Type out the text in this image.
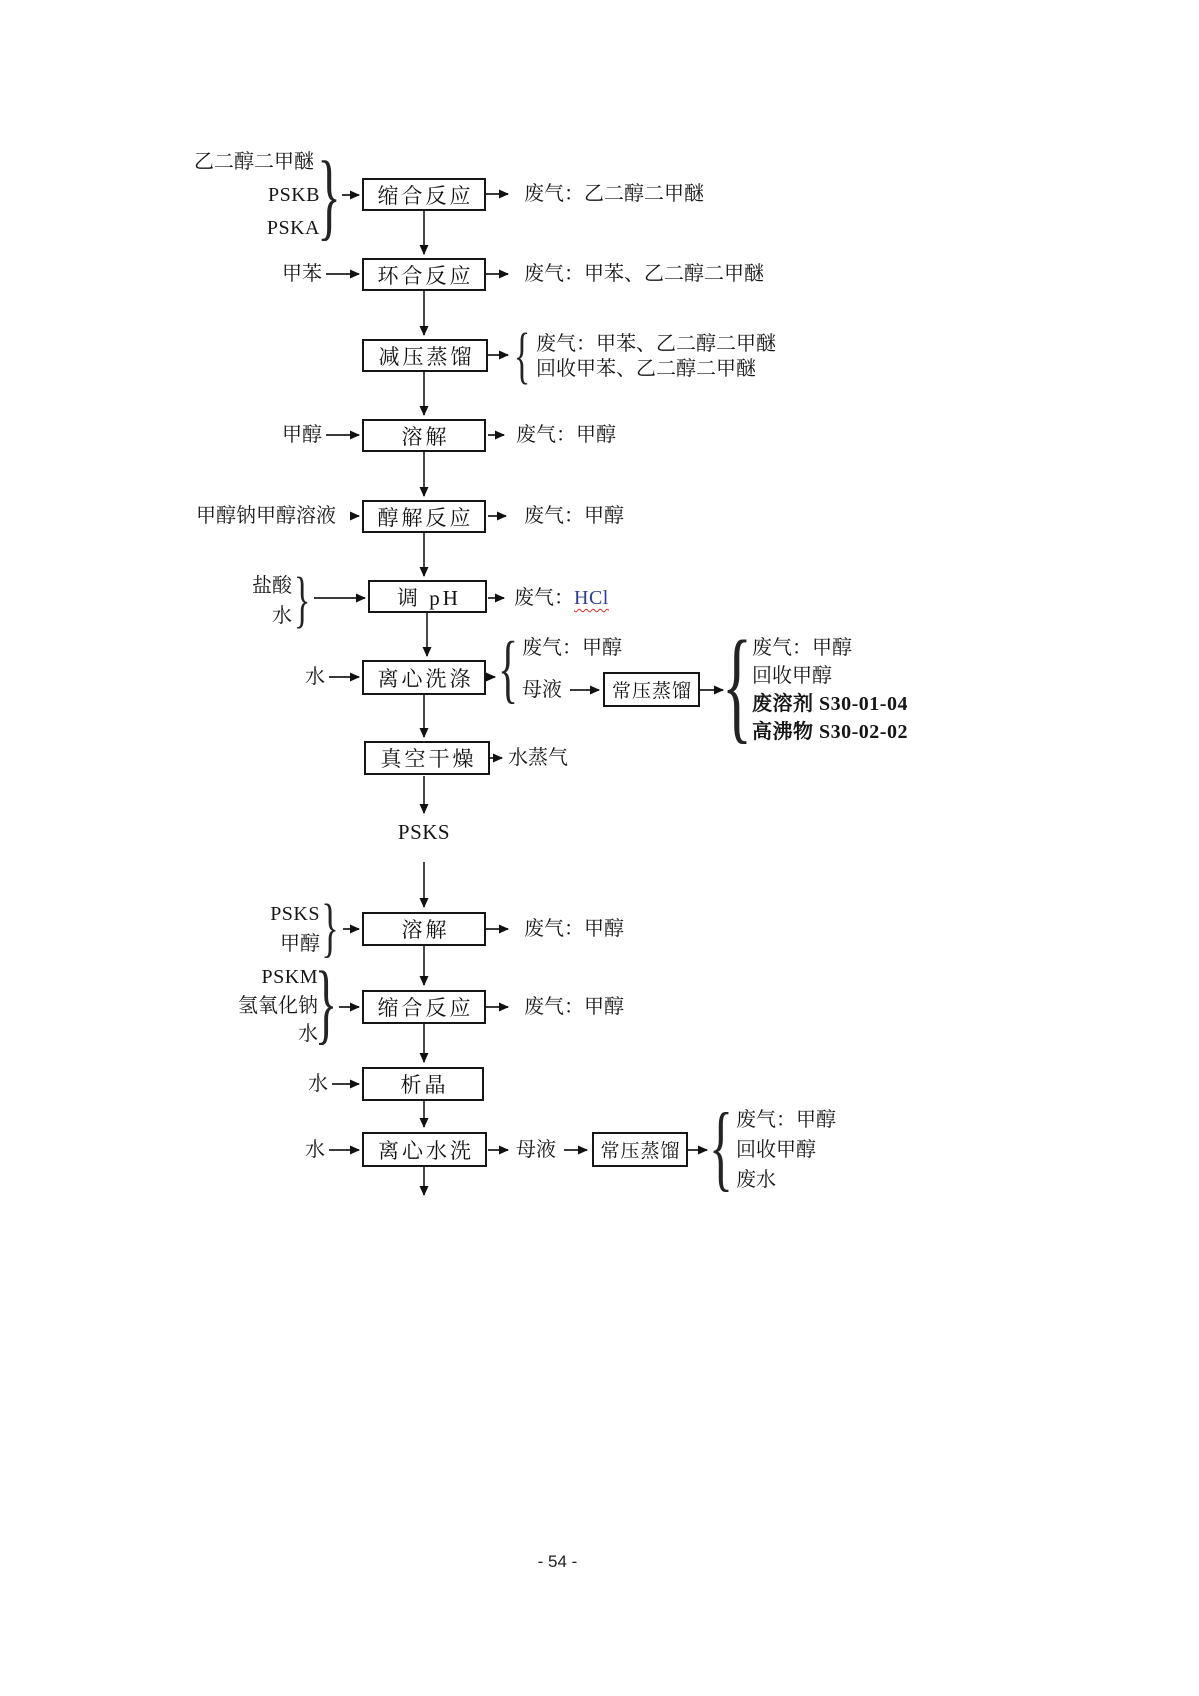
乙二醇二甲醚
PSKB
PSKA
}	缩合反应	废气：乙二醇二甲醚
甲苯	环合反应	废气：甲苯、乙二醇二甲醚
减压蒸馏 { 废气：甲苯、乙二醇二甲醚
回收甲苯、乙二醇二甲醚
甲醇	溶解	废气：甲醇
甲醇钠甲醇溶液	醇解反应	废气：甲醇
盐酸
水 }	调 pH	废气：HCl
水	离心洗涤 { 废气：甲醇
母液	常压蒸馏 { 废气：甲醇
回收甲醇
废溶剂 S30-01-04
高沸物 S30-02-02
真空干燥	水蒸气
PSKS
PSKS
甲醇 }	溶解	废气：甲醇
PSKM
氢氧化钠
水
}	缩合反应	废气：甲醇
水	析晶
水	离心水洗	母液	常压蒸馏 { 废气：甲醇
回收甲醇
废水
- 54 -
